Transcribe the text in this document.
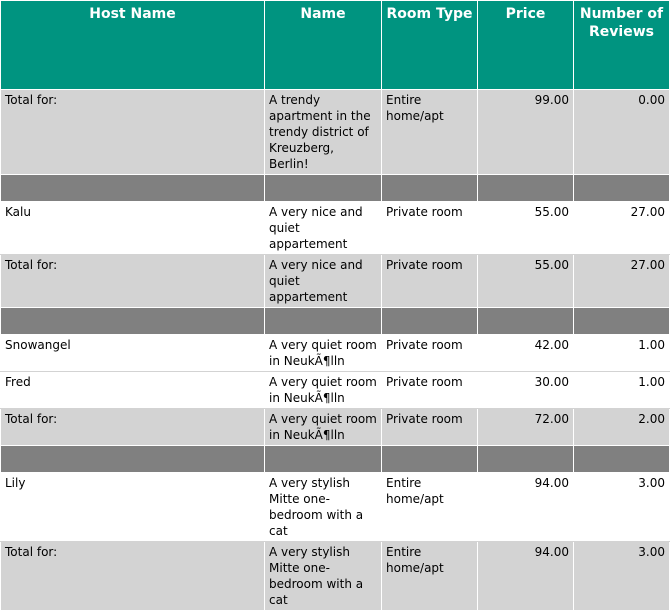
Host Name	Name	Room Type	Price	Number of Reviews
Total for:	A trendy apartment in the trendy district of Kreuzberg, Berlin!	Entire home/apt	99.00	0.00

Kalu	A very nice and quiet appartement	Private room	55.00	27.00
Total for:	A very nice and quiet appartement	Private room	55.00	27.00

Snowangel	A very quiet room in NeukÃ¶lln	Private room	42.00	1.00
Fred	A very quiet room in NeukÃ¶lln	Private room	30.00	1.00
Total for:	A very quiet room in NeukÃ¶lln	Private room	72.00	2.00

Lily	A very stylish Mitte one-bedroom with a cat	Entire home/apt	94.00	3.00
Total for:	A very stylish Mitte one-bedroom with a cat	Entire home/apt	94.00	3.00
